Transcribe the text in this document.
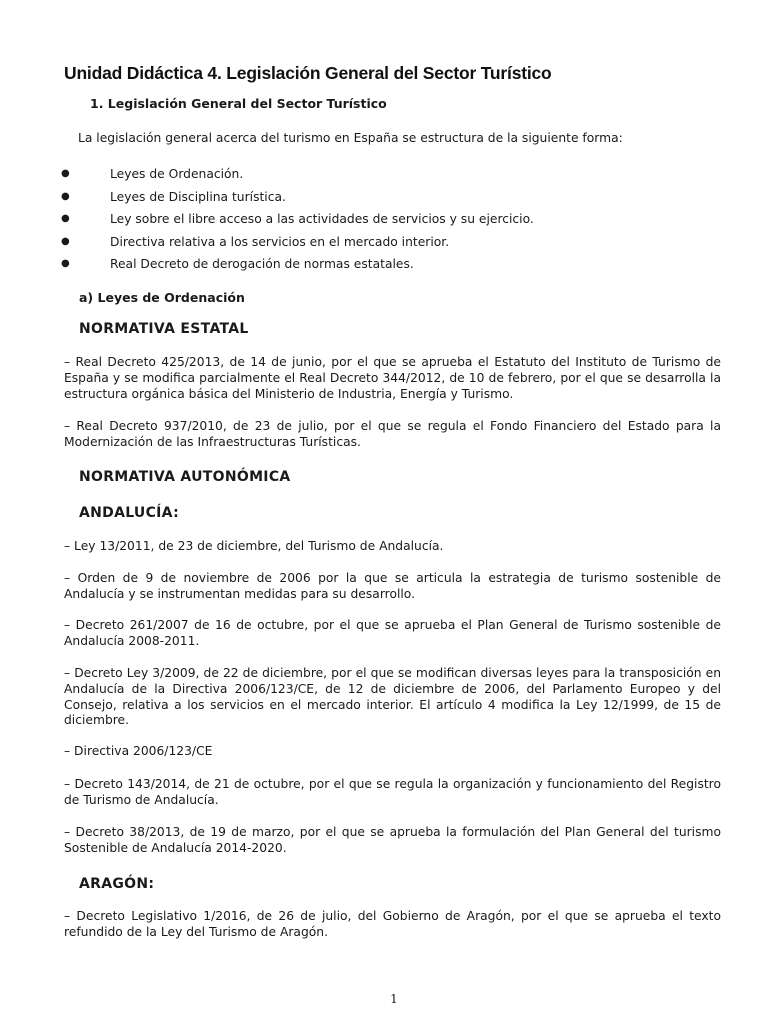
Unidad Didáctica 4. Legislación General del Sector Turístico
1. Legislación General del Sector Turístico

La legislación general acerca del turismo en España se estructura de la siguiente forma:

●	Leyes de Ordenación.
●	Leyes de Disciplina turística.
●	Ley sobre el libre acceso a las actividades de servicios y su ejercicio.
●	Directiva relativa a los servicios en el mercado interior.
●	Real Decreto de derogación de normas estatales.
a) Leyes de Ordenación
NORMATIVA ESTATAL

– Real Decreto 425/2013, de 14 de junio, por el que se aprueba el Estatuto del Instituto de Turismo de España y se modifica parcialmente el Real Decreto 344/2012, de 10 de febrero, por el que se desarrolla la estructura orgánica básica del Ministerio de Industria, Energía y Turismo.

– Real Decreto 937/2010, de 23 de julio, por el que se regula el Fondo Financiero del Estado para la Modernización de las Infraestructuras Turísticas.

NORMATIVA AUTONÓMICA
ANDALUCÍA:

– Ley 13/2011, de 23 de diciembre, del Turismo de Andalucía.

– Orden de 9 de noviembre de 2006 por la que se articula la estrategia de turismo sostenible de Andalucía y se instrumentan medidas para su desarrollo.

– Decreto 261/2007 de 16 de octubre, por el que se aprueba el Plan General de Turismo sostenible de Andalucía 2008-2011.

– Decreto Ley 3/2009, de 22 de diciembre, por el que se modifican diversas leyes para la transposición en Andalucía de la Directiva 2006/123/CE, de 12 de diciembre de 2006, del Parlamento Europeo y del Consejo, relativa a los servicios en el mercado interior. El artículo 4 modifica la Ley 12/1999, de 15 de diciembre.

– Directiva 2006/123/CE

– Decreto 143/2014, de 21 de octubre, por el que se regula la organización y funcionamiento del Registro de Turismo de Andalucía.

– Decreto 38/2013, de 19 de marzo, por el que se aprueba la formulación del Plan General del turismo Sostenible de Andalucía 2014-2020.

ARAGÓN:

– Decreto Legislativo 1/2016, de 26 de julio, del Gobierno de Aragón, por el que se aprueba el texto refundido de la Ley del Turismo de Aragón.

1
